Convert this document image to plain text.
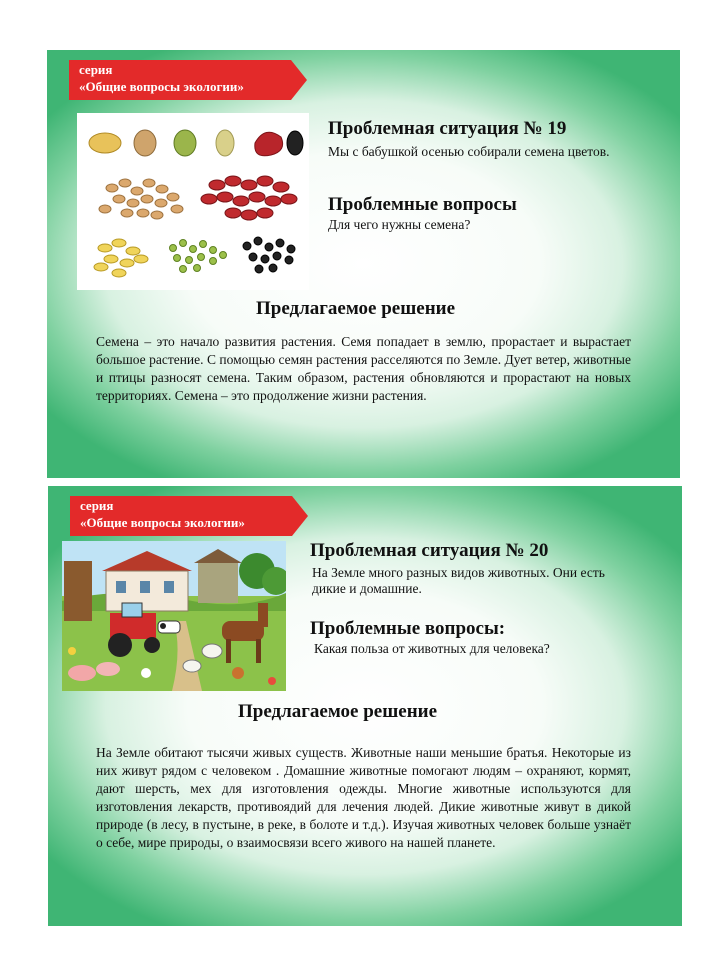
серия
«Общие вопросы экологии»
Проблемная ситуация № 19
Мы с бабушкой осенью собирали семена цветов.
Проблемные вопросы
Для чего нужны семена?
Предлагаемое решение
Семена – это начало развития растения. Семя попадает в землю, прорастает и вырастает большое растение. С помощью семян растения расселяются по Земле. Дует ветер, животные и птицы разносят семена. Таким образом, растения обновляются и прорастают на новых территориях. Семена – это продолжение жизни растения.
серия
«Общие вопросы экологии»
Проблемная ситуация № 20
На Земле много разных видов животных. Они есть дикие и домашние.
Проблемные вопросы:
Какая польза от животных для человека?
Предлагаемое решение
На Земле обитают тысячи живых существ. Животные наши меньшие братья. Некоторые из них живут рядом с человеком . Домашние животные помогают людям – охраняют, кормят, дают шерсть, мех для изготовления одежды. Многие животные используются для изготовления лекарств, противоядий для лечения людей. Дикие животные живут в дикой природе (в лесу, в пустыне, в реке, в болоте и т.д.). Изучая животных человек больше узнаёт о себе, мире природы, о взаимосвязи всего живого на нашей планете.
